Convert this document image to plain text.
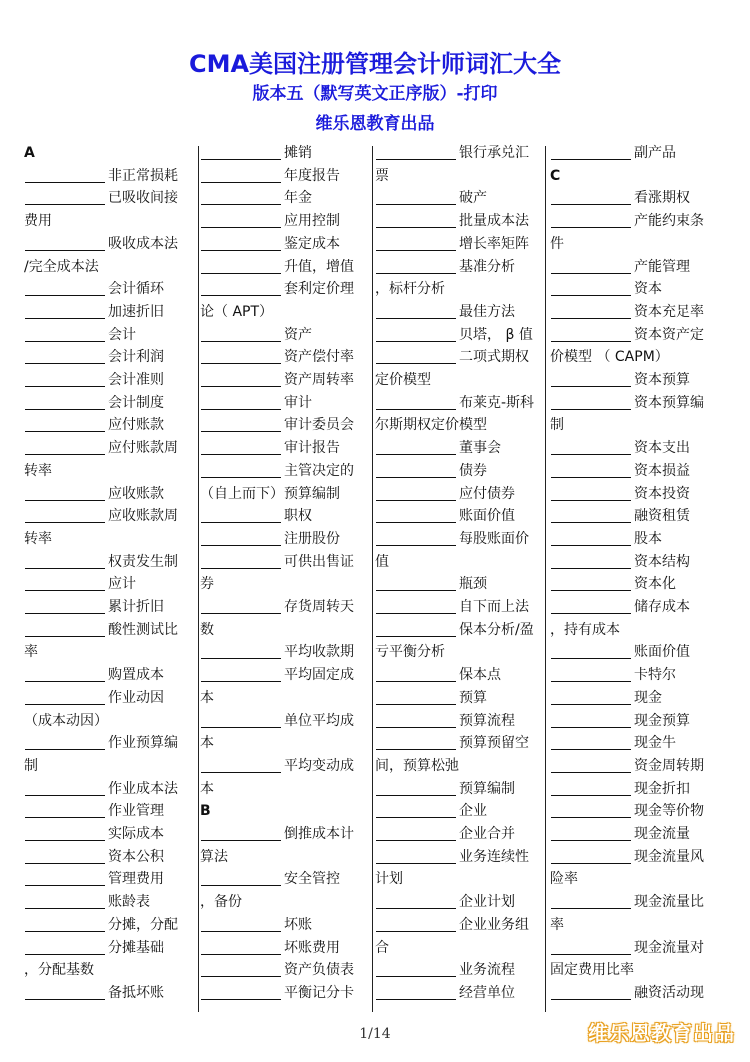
CMA美国注册管理会计师词汇大全
版本五（默写英文正序版）-打印
维乐恩教育出品
A
非正常损耗
已吸收间接
费用
吸收成本法
/完全成本法
会计循环
加速折旧
会计
会计利润
会计准则
会计制度
应付账款
应付账款周
转率
应收账款
应收账款周
转率
权责发生制
应计
累计折旧
酸性测试比
率
购置成本
作业动因
（成本动因）
作业预算编
制
作业成本法
作业管理
实际成本
资本公积
管理费用
账龄表
分摊，分配
分摊基础
，分配基数
备抵坏账
摊销
年度报告
年金
应用控制
鉴定成本
升值，增值
套利定价理
论（ APT）
资产
资产偿付率
资产周转率
审计
审计委员会
审计报告
主管决定的
（自上而下）预算编制
职权
注册股份
可供出售证
券
存货周转天
数
平均收款期
平均固定成
本
单位平均成
本
平均变动成
本
B
倒推成本计
算法
安全管控
，备份
坏账
坏账费用
资产负债表
平衡记分卡
银行承兑汇
票
破产
批量成本法
增长率矩阵
基准分析
，标杆分析
最佳方法
贝塔， β 值
二项式期权
定价模型
布莱克-斯科
尔斯期权定价模型
董事会
债券
应付债券
账面价值
每股账面价
值
瓶颈
自下而上法
保本分析/盈
亏平衡分析
保本点
预算
预算流程
预算预留空
间，预算松弛
预算编制
企业
企业合并
业务连续性
计划
企业计划
企业业务组
合
业务流程
经营单位
副产品
C
看涨期权
产能约束条
件
产能管理
资本
资本充足率
资本资产定
价模型 （ CAPM）
资本预算
资本预算编
制
资本支出
资本损益
资本投资
融资租赁
股本
资本结构
资本化
储存成本
，持有成本
账面价值
卡特尔
现金
现金预算
现金牛
资金周转期
现金折扣
现金等价物
现金流量
现金流量风
险率
现金流量比
率
现金流量对
固定费用比率
融资活动现
1/14	维乐恩教育出品
